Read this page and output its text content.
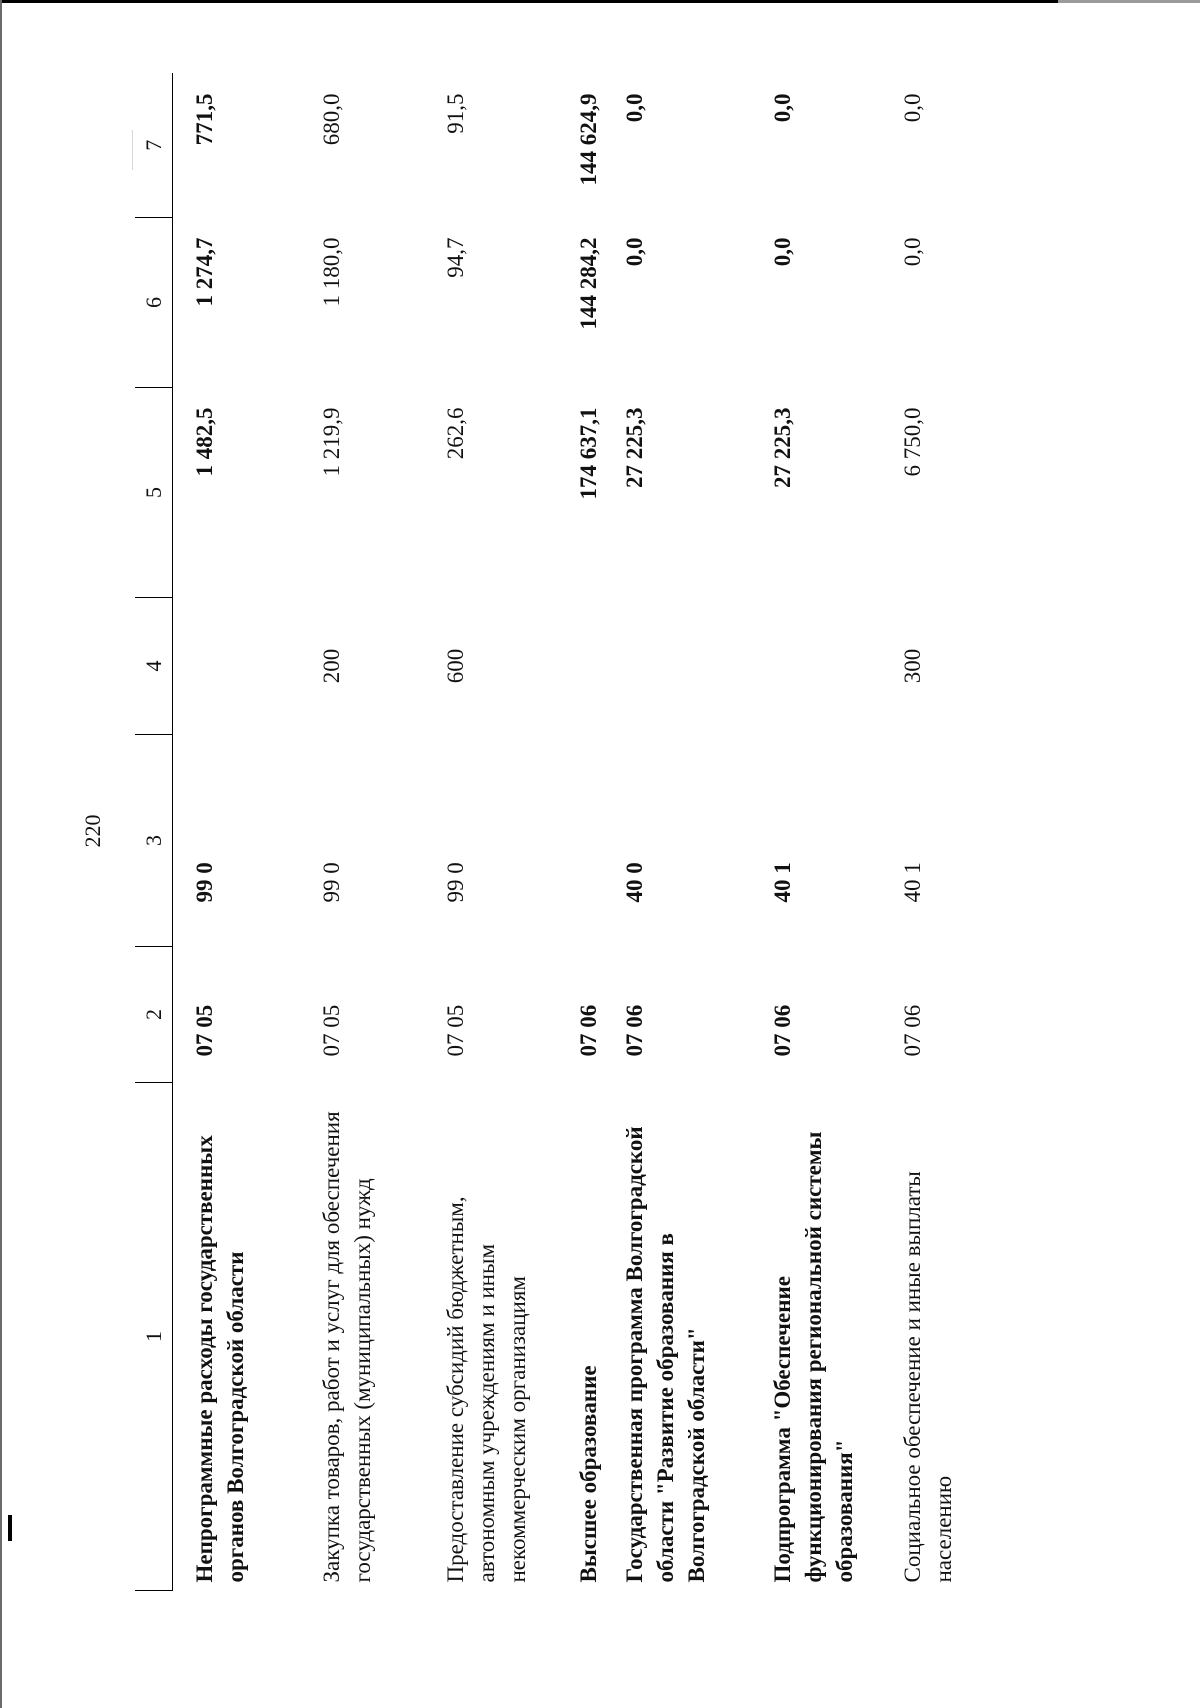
220
1	2	3	4	5	6	7
Непрограммные расходы государственных органов Волгоградской области	07 05	99 0		1 482,5	1 274,7	771,5
Закупка товаров, работ и услуг для обеспечения государственных (муниципальных) нужд	07 05	99 0	200	1 219,9	1 180,0	680,0
Предоставление субсидий бюджетным, автономным учреждениям и иным некоммерческим организациям	07 05	99 0	600	262,6	94,7	91,5
Высшее образование	07 06			174 637,1	144 284,2	144 624,9
Государственная программа Волгоградской области "Развитие образования в Волгоградской области"	07 06	40 0		27 225,3	0,0	0,0
Подпрограмма "Обеспечение функционирования региональной системы образования"	07 06	40 1		27 225,3	0,0	0,0
Социальное обеспечение и иные выплаты населению	07 06	40 1	300	6 750,0	0,0	0,0
